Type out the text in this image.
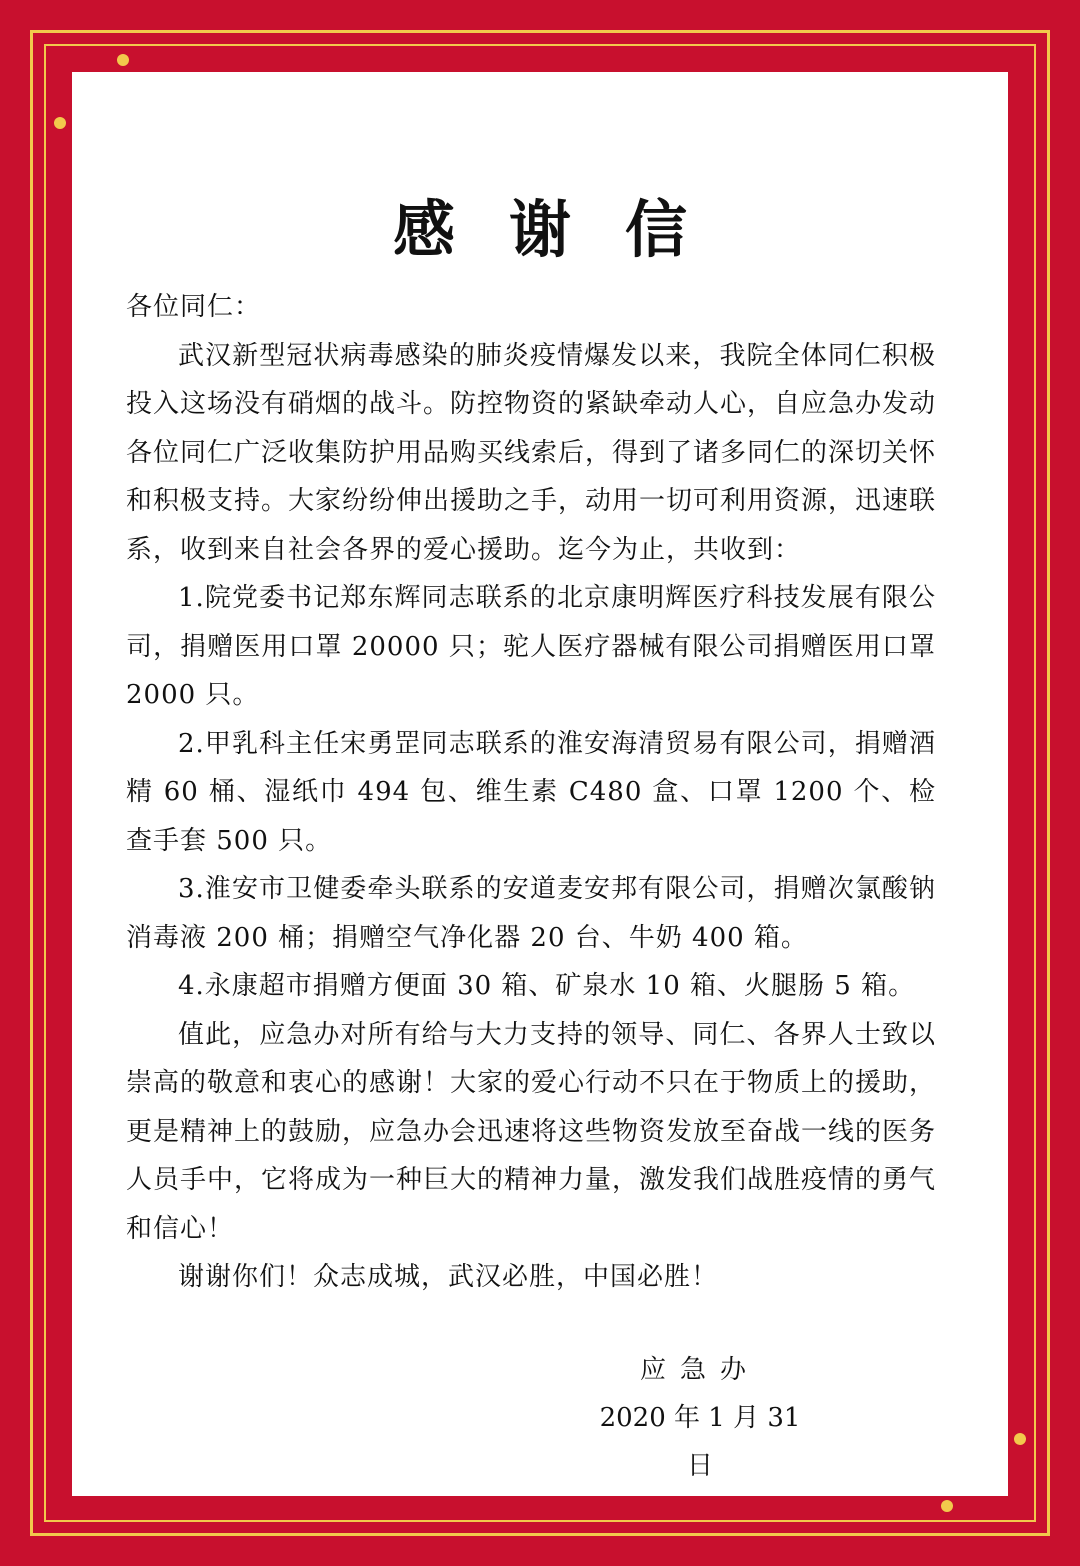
感谢信

各位同仁：

武汉新型冠状病毒感染的肺炎疫情爆发以来，我院全体同仁积极投入这场没有硝烟的战斗。防控物资的紧缺牵动人心，自应急办发动各位同仁广泛收集防护用品购买线索后，得到了诸多同仁的深切关怀和积极支持。大家纷纷伸出援助之手，动用一切可利用资源，迅速联系，收到来自社会各界的爱心援助。迄今为止，共收到：

1.院党委书记郑东辉同志联系的北京康明辉医疗科技发展有限公司，捐赠医用口罩 20000 只；驼人医疗器械有限公司捐赠医用口罩 2000 只。

2.甲乳科主任宋勇罡同志联系的淮安海清贸易有限公司，捐赠酒精 60 桶、湿纸巾 494 包、维生素 C480 盒、口罩 1200 个、检查手套 500 只。

3.淮安市卫健委牵头联系的安道麦安邦有限公司，捐赠次氯酸钠消毒液 200 桶；捐赠空气净化器 20 台、牛奶 400 箱。

4.永康超市捐赠方便面 30 箱、矿泉水 10 箱、火腿肠 5 箱。

值此，应急办对所有给与大力支持的领导、同仁、各界人士致以崇高的敬意和衷心的感谢！大家的爱心行动不只在于物质上的援助，更是精神上的鼓励，应急办会迅速将这些物资发放至奋战一线的医务人员手中，它将成为一种巨大的精神力量，激发我们战胜疫情的勇气和信心！

谢谢你们！众志成城，武汉必胜，中国必胜！

应急办
2020 年 1 月 31 日
